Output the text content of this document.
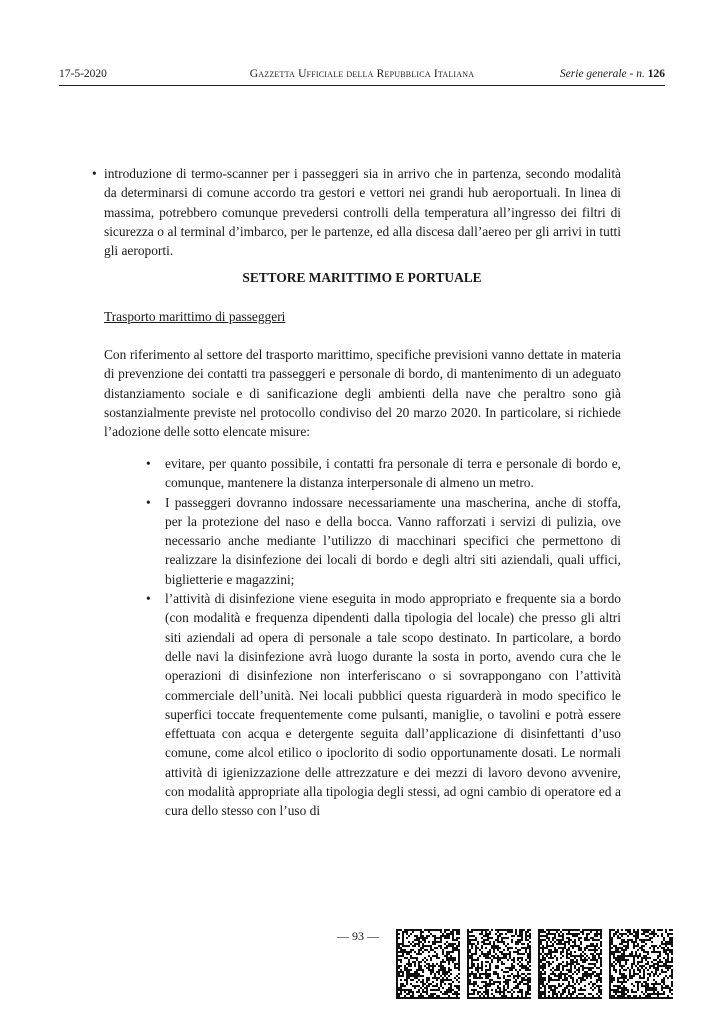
17-5-2020	Gazzetta Ufficiale della Repubblica Italiana	Serie generale - n. 126
• introduzione di termo-scanner per i passeggeri sia in arrivo che in partenza, secondo modalità da determinarsi di comune accordo tra gestori e vettori nei grandi hub aeroportuali. In linea di massima, potrebbero comunque prevedersi controlli della temperatura all’ingresso dei filtri di sicurezza o al terminal d’imbarco, per le partenze, ed alla discesa dall’aereo per gli arrivi in tutti gli aeroporti.

SETTORE MARITTIMO E PORTUALE
Trasporto marittimo di passeggeri

Con riferimento al settore del trasporto marittimo, specifiche previsioni vanno dettate in materia di prevenzione dei contatti tra passeggeri e personale di bordo, di mantenimento di un adeguato distanziamento sociale e di sanificazione degli ambienti della nave che peraltro sono già sostanzialmente previste nel protocollo condiviso del 20 marzo 2020. In particolare, si richiede l’adozione delle sotto elencate misure:

• evitare, per quanto possibile, i contatti fra personale di terra e personale di bordo e, comunque, mantenere la distanza interpersonale di almeno un metro.
• I passeggeri dovranno indossare necessariamente una mascherina, anche di stoffa, per la protezione del naso e della bocca. Vanno rafforzati i servizi di pulizia, ove necessario anche mediante l’utilizzo di macchinari specifici che permettono di realizzare la disinfezione dei locali di bordo e degli altri siti aziendali, quali uffici, biglietterie e magazzini;
• l’attività di disinfezione viene eseguita in modo appropriato e frequente sia a bordo (con modalità e frequenza dipendenti dalla tipologia del locale) che presso gli altri siti aziendali ad opera di personale a tale scopo destinato. In particolare, a bordo delle navi la disinfezione avrà luogo durante la sosta in porto, avendo cura che le operazioni di disinfezione non interferiscano o si sovrappongano con l’attività commerciale dell’unità. Nei locali pubblici questa riguarderà in modo specifico le superfici toccate frequentemente come pulsanti, maniglie, o tavolini e potrà essere effettuata con acqua e detergente seguita dall’applicazione di disinfettanti d’uso comune, come alcol etilico o ipoclorito di sodio opportunamente dosati. Le normali attività di igienizzazione delle attrezzature e dei mezzi di lavoro devono avvenire, con modalità appropriate alla tipologia degli stessi, ad ogni cambio di operatore ed a cura dello stesso con l’uso di
— 93 —
